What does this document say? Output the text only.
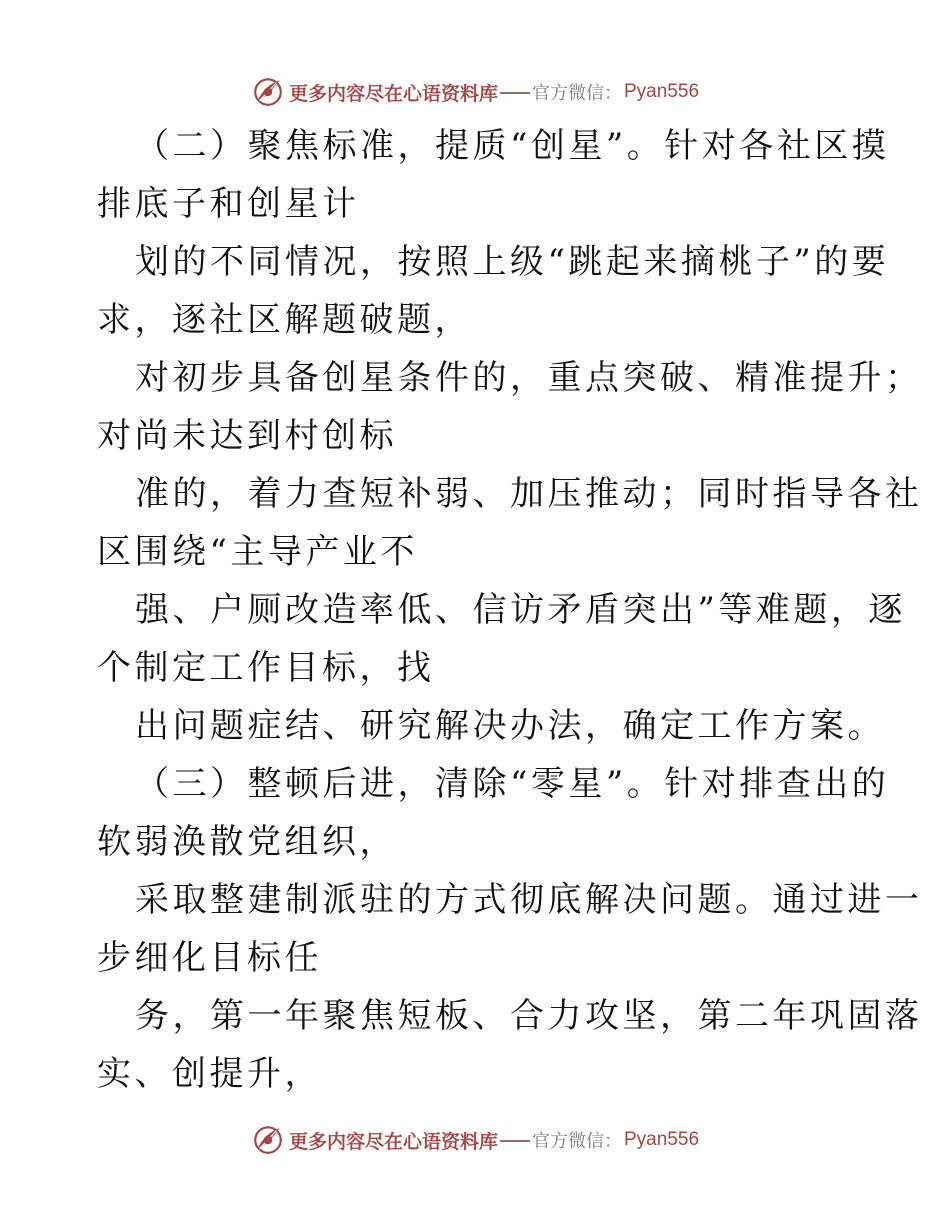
更多内容尽在心语资料库 官方微信： Pyan556
（二）聚焦标准，提质“创星”。针对各社区摸
排底子和创星计
划的不同情况，按照上级“跳起来摘桃子”的要
求，逐社区解题破题，
对初步具备创星条件的，重点突破、精准提升；
对尚未达到村创标
准的，着力查短补弱、加压推动；同时指导各社
区围绕“主导产业不
强、户厕改造率低、信访矛盾突出”等难题，逐
个制定工作目标，找
出问题症结、研究解决办法，确定工作方案。
（三）整顿后进，清除“零星”。针对排查出的
软弱涣散党组织，
采取整建制派驻的方式彻底解决问题。通过进一
步细化目标任
务，第一年聚焦短板、合力攻坚，第二年巩固落
实、创提升，
更多内容尽在心语资料库 官方微信： Pyan556
